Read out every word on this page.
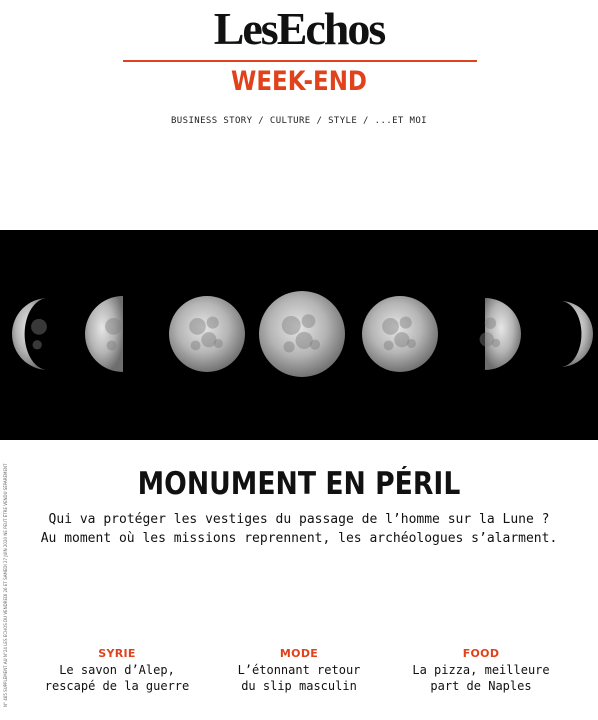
LesEchos
WEEK-END
BUSINESS STORY / CULTURE / STYLE / ...ET MOI
N° 465 SUPPLÉMENT AU N°24 LES ÉCHOS DU VENDREDI 26 ET SAMEDI 27 JUIN 2020 NE PEUT ÊTRE VENDU SÉPARÉMENT	MONUMENT EN PÉRIL
Qui va protéger les vestiges du passage de l’homme sur la Lune ?
Au moment où les missions reprennent, les archéologues s’alarment.
SYRIE
Le savon d’Alep,
rescapé de la guerre
MODE
L’étonnant retour
du slip masculin
FOOD
La pizza, meilleure
part de Naples
